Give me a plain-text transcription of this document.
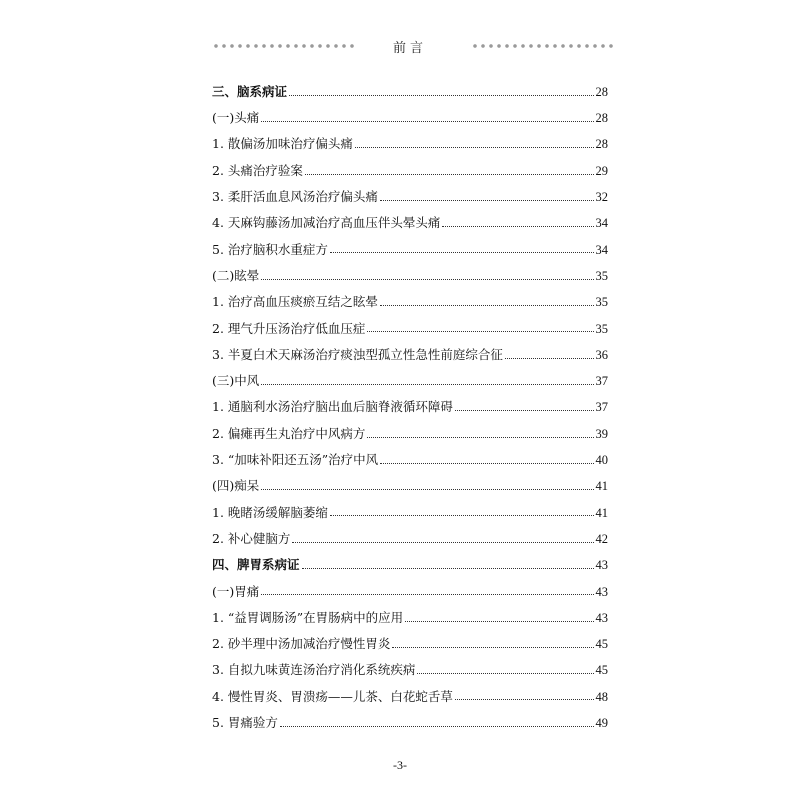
前言
三、脑系病证	28
(一)头痛	28
1. 散偏汤加味治疗偏头痛	28
2. 头痛治疗验案	29
3. 柔肝活血息风汤治疗偏头痛	32
4. 天麻钩藤汤加减治疗高血压伴头晕头痛	34
5. 治疗脑积水重症方	34
(二)眩晕	35
1. 治疗高血压痰瘀互结之眩晕	35
2. 理气升压汤治疗低血压症	35
3. 半夏白术天麻汤治疗痰浊型孤立性急性前庭综合征	36
(三)中风	37
1. 通脑利水汤治疗脑出血后脑脊液循环障碍	37
2. 偏瘫再生丸治疗中风病方	39
3. “加味补阳还五汤”治疗中风	40
(四)痴呆	41
1. 晚睹汤缓解脑萎缩	41
2. 补心健脑方	42
四、脾胃系病证	43
(一)胃痛	43
1. “益胃调肠汤”在胃肠病中的应用	43
2. 砂半理中汤加减治疗慢性胃炎	45
3. 自拟九味黄连汤治疗消化系统疾病	45
4. 慢性胃炎、胃溃疡——儿茶、白花蛇舌草	48
5. 胃痛验方	49
-3-
